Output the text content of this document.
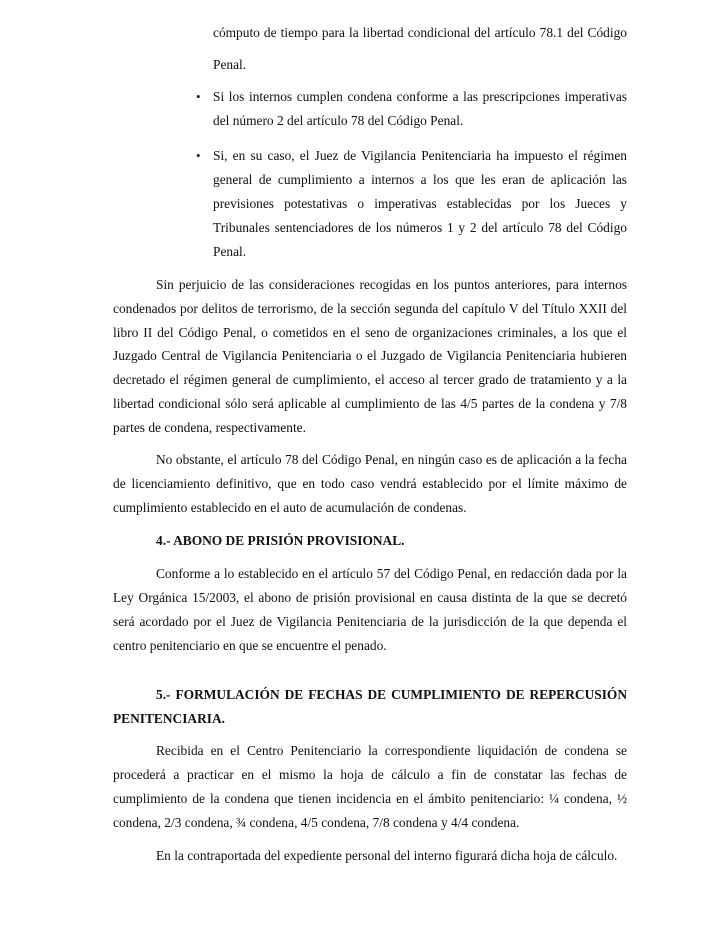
cómputo de tiempo para la libertad condicional del artículo 78.1 del Código
Penal.
• Si los internos cumplen condena conforme a las prescripciones imperativas
del número 2 del artículo 78 del Código Penal.
• Si, en su caso, el Juez de Vigilancia Penitenciaria ha impuesto el régimen
general de cumplimiento a internos a los que les eran de aplicación las
previsiones potestativas o imperativas establecidas por los Jueces y
Tribunales sentenciadores de los números 1 y 2 del artículo 78 del Código
Penal.
Sin perjuicio de las consideraciones recogidas en los puntos anteriores, para internos
condenados por delitos de terrorismo, de la sección segunda del capítulo V del Título XXII del
libro II del Código Penal, o cometidos en el seno de organizaciones criminales, a los que el
Juzgado Central de Vigilancia Penitenciaria o el Juzgado de Vigilancia Penitenciaria hubieren
decretado el régimen general de cumplimiento, el acceso al tercer grado de tratamiento y a la
libertad condicional sólo será aplicable al cumplimiento de las 4/5 partes de la condena y 7/8
partes de condena, respectivamente.
No obstante, el artículo 78 del Código Penal, en ningún caso es de aplicación a la fecha
de licenciamiento definitivo, que en todo caso vendrá establecido por el límite máximo de
cumplimiento establecido en el auto de acumulación de condenas.
4.- ABONO DE PRISIÓN PROVISIONAL.
Conforme a lo establecido en el artículo 57 del Código Penal, en redacción dada por la
Ley Orgánica 15/2003, el abono de prisión provisional en causa distinta de la que se decretó
será acordado por el Juez de Vigilancia Penitenciaria de la jurisdicción de la que dependa el
centro penitenciario en que se encuentre el penado.
5.- FORMULACIÓN DE FECHAS DE CUMPLIMIENTO DE REPERCUSIÓN
PENITENCIARIA.
Recibida en el Centro Penitenciario la correspondiente liquidación de condena se
procederá a practicar en el mismo la hoja de cálculo a fin de constatar las fechas de
cumplimiento de la condena que tienen incidencia en el ámbito penitenciario: ¼ condena, ½
condena, 2/3 condena, ¾ condena, 4/5 condena, 7/8 condena y 4/4 condena.
En la contraportada del expediente personal del interno figurará dicha hoja de cálculo.
